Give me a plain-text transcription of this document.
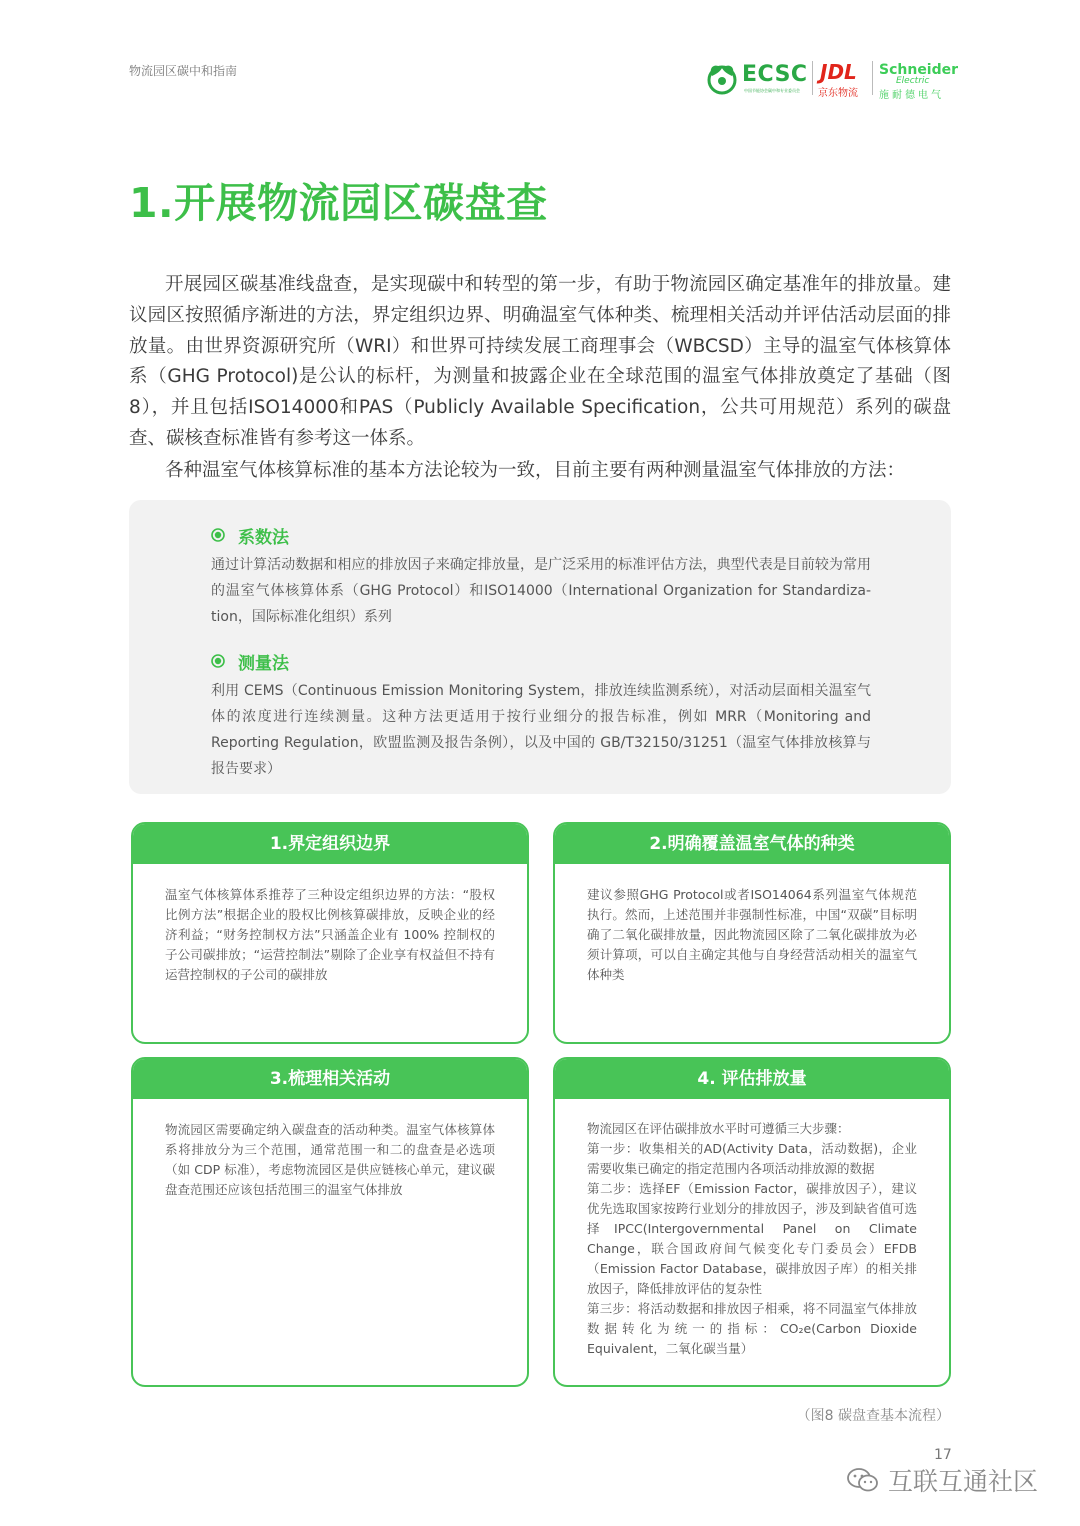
物流园区碳中和指南	ECSC
中国节能协会碳中和专业委员会
JDL
京东物流
Schneider
Electric
施耐德电气
1.开展物流园区碳盘查

开展园区碳基准线盘查，是实现碳中和转型的第一步，有助于物流园区确定基准年的排放量。建议园区按照循序渐进的方法，界定组织边界、明确温室气体种类、梳理相关活动并评估活动层面的排放量。由世界资源研究所（WRI）和世界可持续发展工商理事会（WBCSD）主导的温室气体核算体系（GHG Protocol)是公认的标杆，为测量和披露企业在全球范围的温室气体排放奠定了基础（图8），并且包括ISO14000和PAS（Publicly Available Specification，公共可用规范）系列的碳盘查、碳核查标准皆有参考这一体系。

各种温室气体核算标准的基本方法论较为一致，目前主要有两种测量温室气体排放的方法：

系数法

通过计算活动数据和相应的排放因子来确定排放量，是广泛采用的标准评估方法，典型代表是目前较为常用的温室气体核算体系（GHG Protocol）和ISO14000（International Organization for Standardiza-tion，国际标准化组织）系列

测量法

利用 CEMS（Continuous Emission Monitoring System，排放连续监测系统），对活动层面相关温室气体的浓度进行连续测量。这种方法更适用于按行业细分的报告标准，例如 MRR（Monitoring and Reporting Regulation，欧盟监测及报告条例），以及中国的 GB/T32150/31251（温室气体排放核算与报告要求）

1.界定组织边界

温室气体核算体系推荐了三种设定组织边界的方法：“股权比例方法”根据企业的股权比例核算碳排放，反映企业的经济利益；“财务控制权方法”只涵盖企业有 100% 控制权的子公司碳排放；“运营控制法”剔除了企业享有权益但不持有运营控制权的子公司的碳排放

2.明确覆盖温室气体的种类

建议参照GHG Protocol或者ISO14064系列温室气体规范执行。然而，上述范围并非强制性标准，中国“双碳”目标明确了二氧化碳排放量，因此物流园区除了二氧化碳排放为必须计算项，可以自主确定其他与自身经营活动相关的温室气体种类

3.梳理相关活动

物流园区需要确定纳入碳盘查的活动种类。温室气体核算体系将排放分为三个范围，通常范围一和二的盘查是必选项（如 CDP 标准），考虑物流园区是供应链核心单元，建议碳盘查范围还应该包括范围三的温室气体排放

4. 评估排放量

物流园区在评估碳排放水平时可遵循三大步骤：
第一步：收集相关的AD(Activity Data，活动数据)，企业需要收集已确定的指定范围内各项活动排放源的数据
第二步：选择EF（Emission Factor，碳排放因子），建议优先选取国家按跨行业划分的排放因子，涉及到缺省值可选择IPCC(Intergovernmental Panel on Climate Change，联合国政府间气候变化专门委员会）EFDB（Emission Factor Database，碳排放因子库）的相关排放因子，降低排放评估的复杂性
第三步：将活动数据和排放因子相乘，将不同温室气体排放数据转化为统一的指标：CO₂e(Carbon Dioxide Equivalent，二氧化碳当量）

（图8 碳盘查基本流程）
17
互联互通社区
